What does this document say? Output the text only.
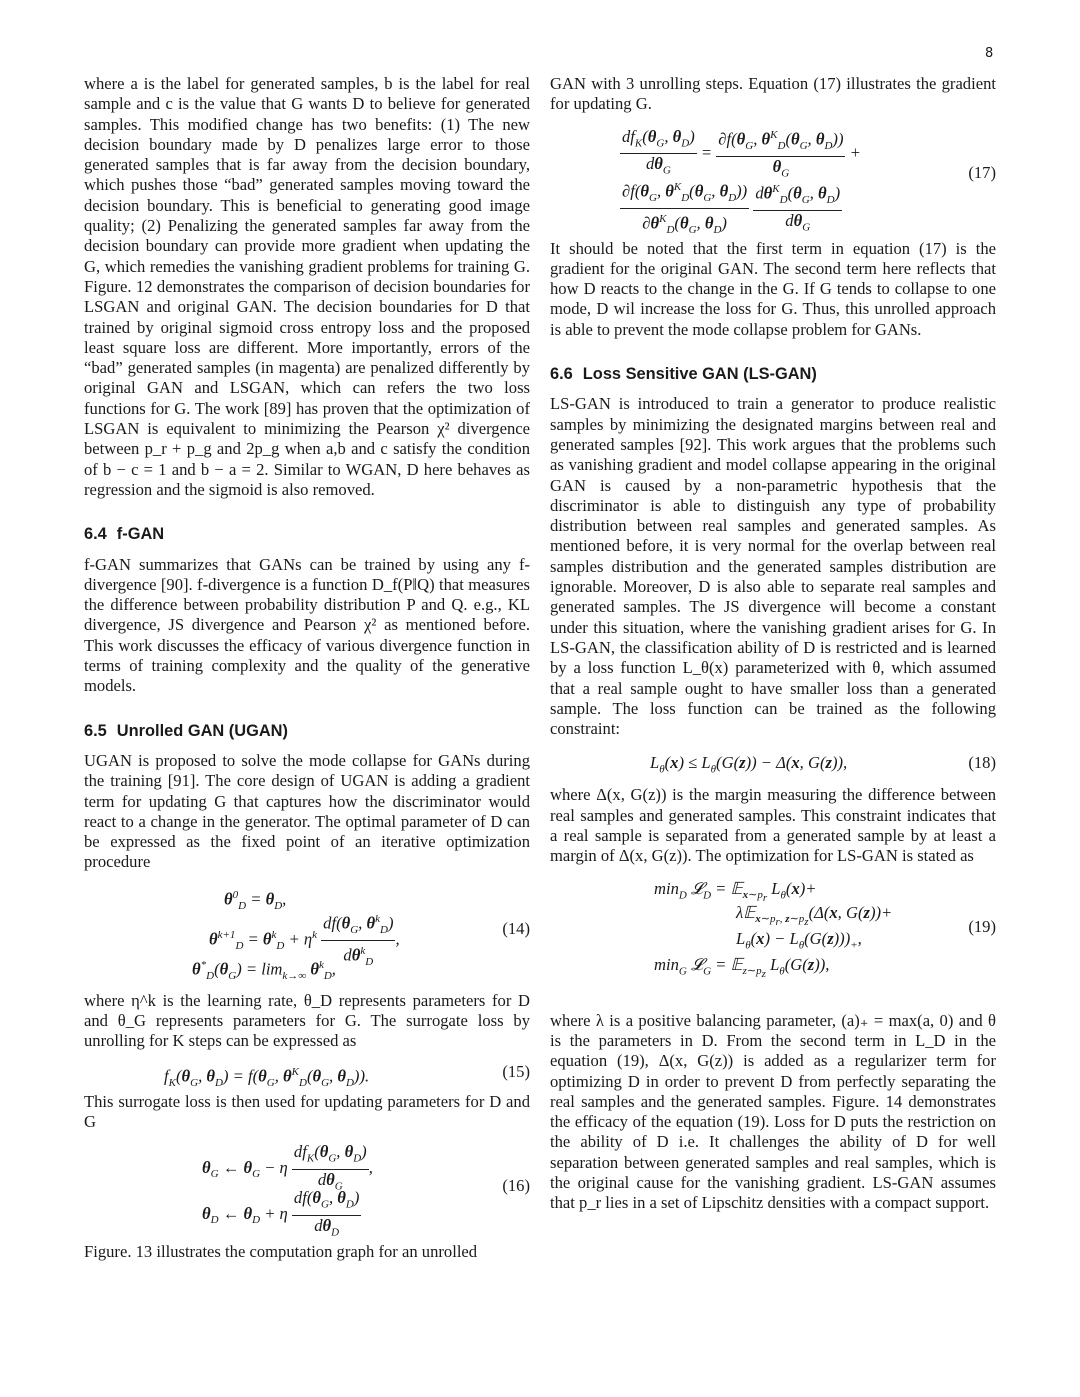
8

where a is the label for generated samples, b is the label for real sample and c is the value that G wants D to believe for generated samples. This modified change has two benefits: (1) The new decision boundary made by D penalizes large error to those generated samples that is far away from the decision boundary, which pushes those “bad” generated samples moving toward the decision boundary. This is beneficial to generating good image quality; (2) Penalizing the generated samples far away from the decision boundary can provide more gradient when updating the G, which remedies the vanishing gradient problems for training G. Figure. 12 demonstrates the comparison of decision boundaries for LSGAN and original GAN. The decision boundaries for D that trained by original sigmoid cross entropy loss and the proposed least square loss are different. More importantly, errors of the “bad” generated samples (in magenta) are penalized differently by original GAN and LSGAN, which can refers the two loss functions for G. The work [89] has proven that the optimization of LSGAN is equivalent to minimizing the Pearson χ² divergence between p_r + p_g and 2p_g when a,b and c satisfy the condition of b − c = 1 and b − a = 2. Similar to WGAN, D here behaves as regression and the sigmoid is also removed.

6.4 f-GAN

f-GAN summarizes that GANs can be trained by using any f-divergence [90]. f-divergence is a function D_f(P‖Q) that measures the difference between probability distribution P and Q. e.g., KL divergence, JS divergence and Pearson χ² as mentioned before. This work discusses the efficacy of various divergence function in terms of training complexity and the quality of the generative models.

6.5 Unrolled GAN (UGAN)

UGAN is proposed to solve the mode collapse for GANs during the training [91]. The core design of UGAN is adding a gradient term for updating G that captures how the discriminator would react to a change in the generator. The optimal parameter of D can be expressed as the fixed point of an iterative optimization procedure

$\theta^0_D = \theta_D$,
$\theta^{k+1}_D = \theta^k_D + \eta^k \frac{df(\theta_G, \theta^k_D)}{d\theta^k_D}$ ,
$\theta^*_D(\theta_G) = \lim_{k\to\infty} \theta^k_D$,
(14)

where η^k is the learning rate, θ_D represents parameters for D and θ_G represents parameters for G. The surrogate loss by unrolling for K steps can be expressed as

$f_K(\theta_G$, $\theta_D) = f(\theta_G$, $\theta^K_D(\theta_G$, $\theta_D$)).	(15)

This surrogate loss is then used for updating parameters for D and G

$\theta_G$ ← $\theta_G - \eta \frac{df_K(\theta_G, \theta_D)}{d\theta_G}$ ,
$\theta_D$ ← $\theta_D + \eta \frac{df(\theta_G, \theta_D)}{d\theta_D}$
(16)

Figure. 13 illustrates the computation graph for an unrolled

GAN with 3 unrolling steps. Equation (17) illustrates the gradient for updating G.

$\frac{df_K(\theta_G, \theta_D)}{d\theta_G} = \frac{\partial f(\theta_G, \theta^K_D(\theta_G, \theta_D))}{\theta_G}$ +
$\frac{\partial f(\theta_G, \theta^K_D(\theta_G, \theta_D))}{\partial\theta^K_D(\theta_G, \theta_D)}$
$\frac{d\theta^K_D(\theta_G, \theta_D)}{d\theta_G}$
(17)

It should be noted that the first term in equation (17) is the gradient for the original GAN. The second term here reflects that how D reacts to the change in the G. If G tends to collapse to one mode, D wil increase the loss for G. Thus, this unrolled approach is able to prevent the mode collapse problem for GANs.

6.6 Loss Sensitive GAN (LS-GAN)

LS-GAN is introduced to train a generator to produce realistic samples by minimizing the designated margins between real and generated samples [92]. This work argues that the problems such as vanishing gradient and model collapse appearing in the original GAN is caused by a non-parametric hypothesis that the discriminator is able to distinguish any type of probability distribution between real samples and generated samples. As mentioned before, it is very normal for the overlap between real samples distribution and the generated samples distribution are ignorable. Moreover, D is also able to separate real samples and generated samples. The JS divergence will become a constant under this situation, where the vanishing gradient arises for G. In LS-GAN, the classification ability of D is restricted and is learned by a loss function L_θ(x) parameterized with θ, which assumed that a real sample ought to have smaller loss than a generated sample. The loss function can be trained as the following constraint:

$L_\theta(x) \le L_\theta(G(z)) - \Delta(x$, G(z)),	(18)

where Δ(x, G(z)) is the margin measuring the difference between real samples and generated samples. This constraint indicates that a real sample is separated from a generated sample by at least a margin of Δ(x, G(z)). The optimization for LS-GAN is stated as

$\min_D$ 𝓛$_D$ = 𝔼$_{x\sim pr}$ $L_\theta(x)+$
λ𝔼$_{x\sim pr, z\sim pz}$(Δ(x, G(z))+
$L_\theta(x) - L_\theta(G(z)))_+$,
$\min_G$ 𝓛$_G$ = 𝔼$_{z\sim pz}$ $L_\theta(G(z))$,
(19)

where λ is a positive balancing parameter, (a)₊ = max(a, 0) and θ is the parameters in D. From the second term in L_D in the equation (19), Δ(x, G(z)) is added as a regularizer term for optimizing D in order to prevent D from perfectly separating the real samples and the generated samples. Figure. 14 demonstrates the efficacy of the equation (19). Loss for D puts the restriction on the ability of D i.e. It challenges the ability of D for well separation between generated samples and real samples, which is the original cause for the vanishing gradient. LS-GAN assumes that p_r lies in a set of Lipschitz densities with a compact support.
